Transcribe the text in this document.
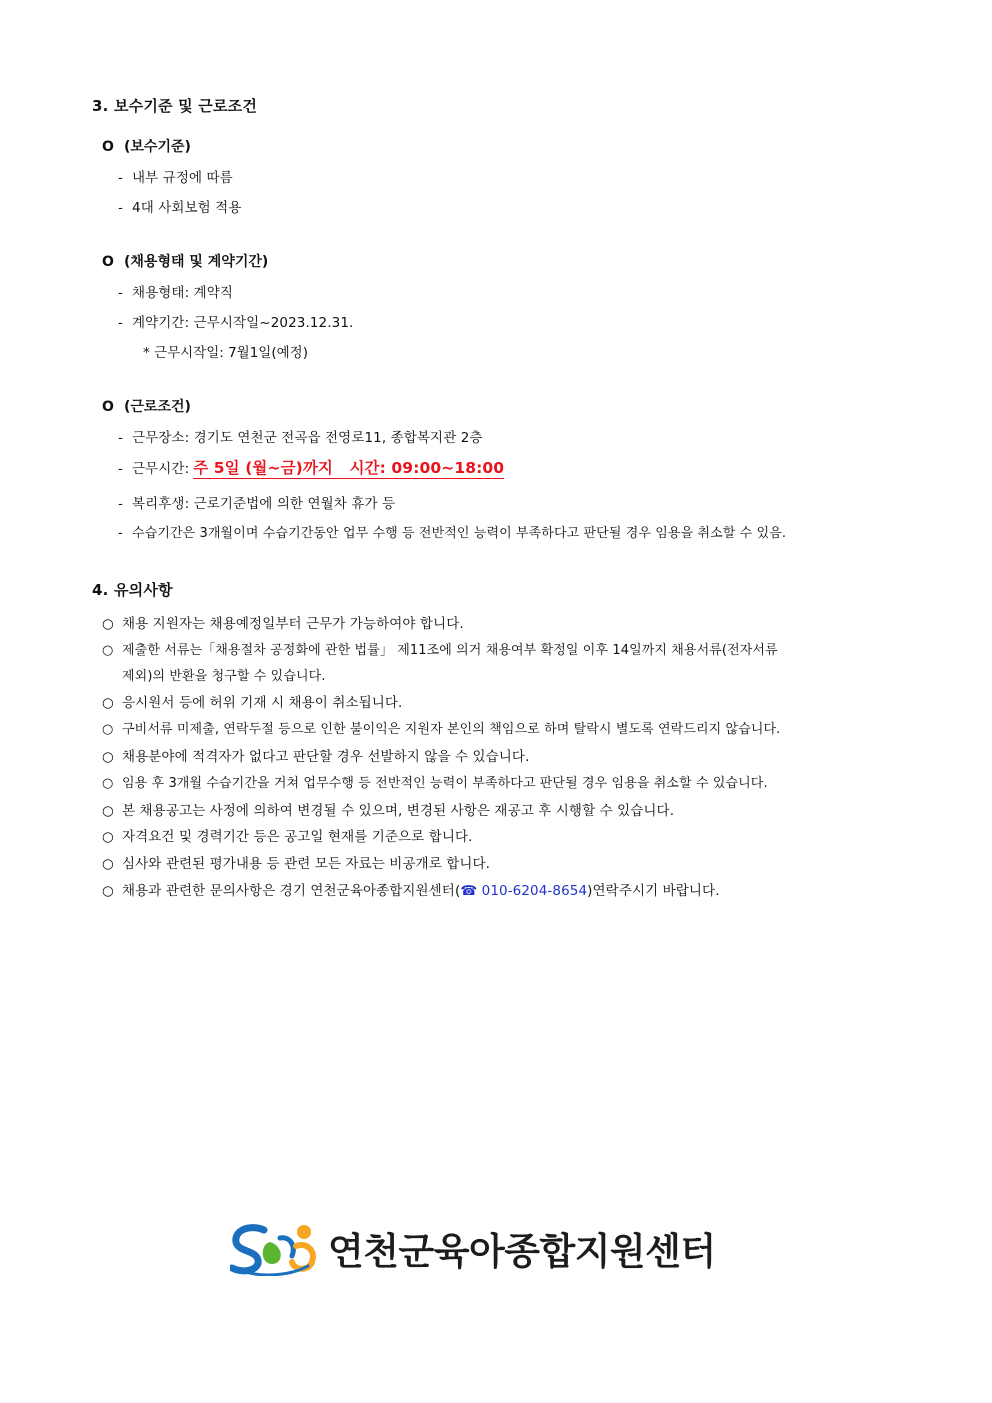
3. 보수기준 및 근로조건
O (보수기준)
- 내부 규정에 따름
- 4대 사회보험 적용
O (채용형태 및 계약기간)
- 채용형태: 계약직
- 계약기간: 근무시작일~2023.12.31.
* 근무시작일: 7월1일(예정)
O (근로조건)
- 근무장소: 경기도 연천군 전곡읍 전영로11, 종합복지관 2층
- 근무시간: 주 5일 (월~금)까지   시간: 09:00~18:00
- 복리후생: 근로기준법에 의한 연월차 휴가 등
- 수습기간은 3개월이며 수습기간동안 업무 수행 등 전반적인 능력이 부족하다고 판단될 경우 임용을 취소할 수 있음.
4. 유의사항
○ 채용 지원자는 채용예정일부터 근무가 가능하여야 합니다.
○ 제출한 서류는「채용절차 공정화에 관한 법률」 제11조에 의거 채용여부 확정일 이후 14일까지 채용서류(전자서류
제외)의 반환을 청구할 수 있습니다.
○ 응시원서 등에 허위 기재 시 채용이 취소됩니다.
○ 구비서류 미제출, 연락두절 등으로 인한 불이익은 지원자 본인의 책임으로 하며 탈락시 별도록 연락드리지 않습니다.
○ 채용분야에 적격자가 없다고 판단할 경우 선발하지 않을 수 있습니다.
○ 임용 후 3개월 수습기간을 거쳐 업무수행 등 전반적인 능력이 부족하다고 판단될 경우 임용을 취소할 수 있습니다.
○ 본 채용공고는 사정에 의하여 변경될 수 있으며, 변경된 사항은 재공고 후 시행할 수 있습니다.
○ 자격요건 및 경력기간 등은 공고일 현재를 기준으로 합니다.
○ 심사와 관련된 평가내용 등 관련 모든 자료는 비공개로 합니다.
○ 채용과 관련한 문의사항은 경기 연천군육아종합지원센터(☎ 010-6204-8654)연락주시기 바랍니다.
연천군육아종합지원센터
